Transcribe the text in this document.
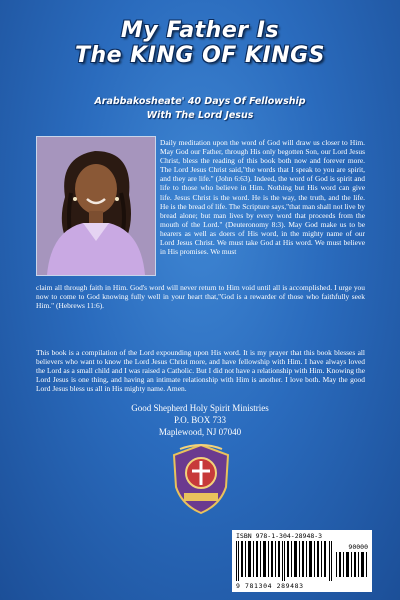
My Father Is
The KING OF KINGS
Arabbakosheate' 40 Days Of Fellowship
With The Lord Jesus
Daily meditation upon the word of God will draw us closer to Him. May God our Father, through His only begotten Son, our Lord Jesus Christ, bless the reading of this book both now and forever more. The Lord Jesus Christ said,"the words that I speak to you are spirit, and they are life." (John 6:63). Indeed, the word of God is spirit and life to those who believe in Him. Nothing but His word can give life. Jesus Christ is the word. He is the way, the truth, and the life. He is the bread of life. The Scripture says,"that man shall not live by bread alone; but man lives by every word that proceeds from the mouth of the Lord." (Deuteronomy 8:3). May God make us to be hearers as well as doers of His word, in the mighty name of our Lord Jesus Christ. We must take God at His word. We must believe in His promises. We must
claim all through faith in Him. God's word will never return to Him void until all is accomplished. I urge you now to come to God knowing fully well in your heart that,"God is a rewarder of those who faithfully seek Him." (Hebrews 11:6).
This book is a compilation of the Lord expounding upon His word. It is my prayer that this book blesses all believers who want to know the Lord Jesus Christ more, and have fellowship with Him. I have always loved the Lord as a small child and I was raised a Catholic. But I did not have a relationship with Him. Knowing the Lord Jesus is one thing, and having an intimate relationship with Him is another. I love both. May the good Lord Jesus bless us all in His mighty name. Amen.
Good Shepherd Holy Spirit Ministries
P.O. BOX 733
Maplewood, NJ 07040
ISBN 978-1-304-28948-3
90000
9 781304 289483
